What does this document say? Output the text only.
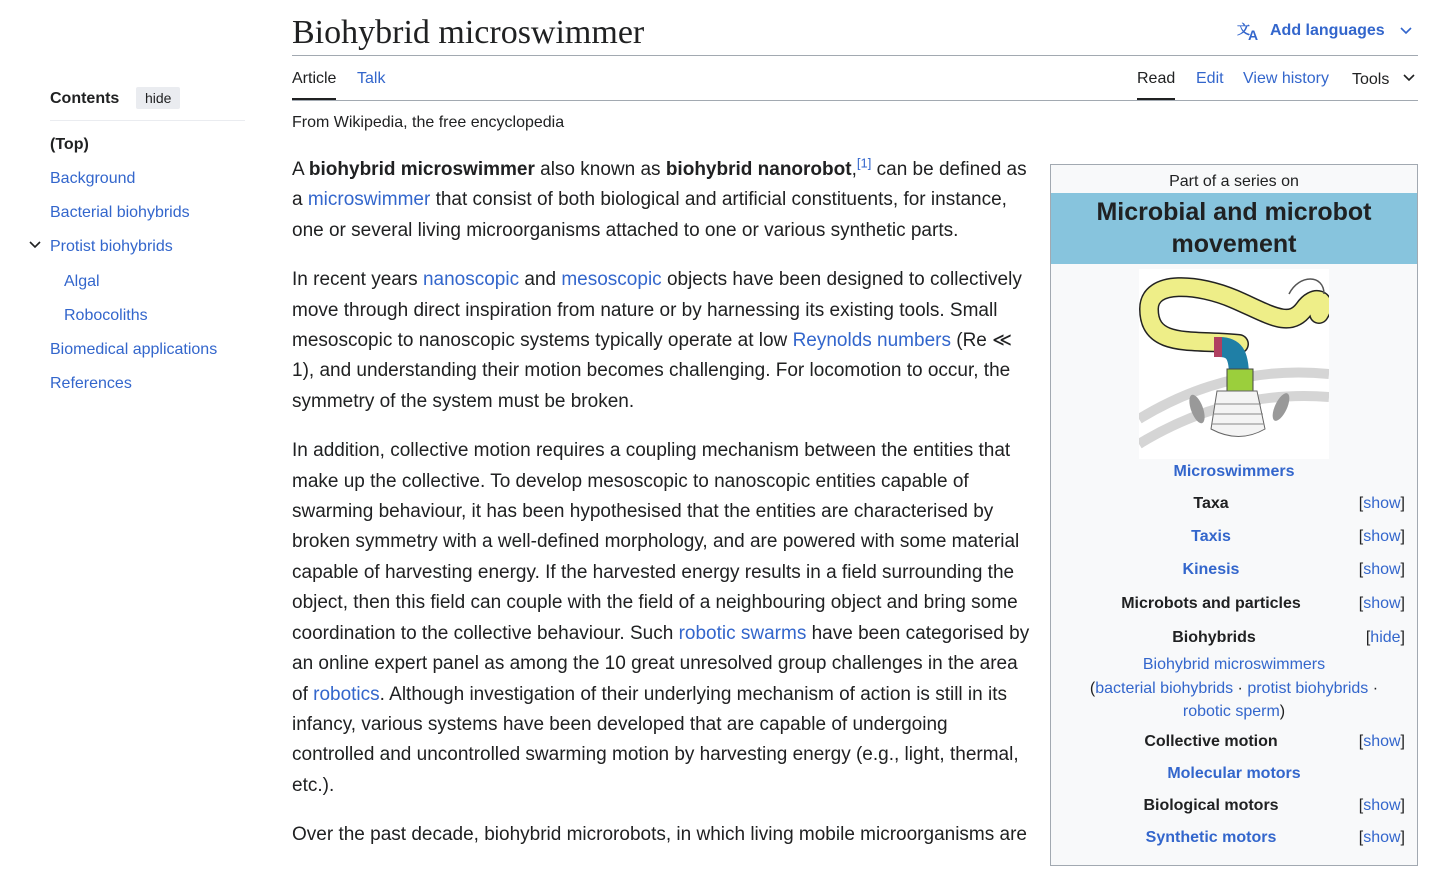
Contents	hide
(Top)
Background
Bacterial biohybrids
Protist biohybrids
Algal
Robocoliths
Biomedical applications
References
Biohybrid microswimmer	文
A Add languages
Article Talk	Read Edit View history Tools
From Wikipedia, the free encyclopedia

A biohybrid microswimmer also known as biohybrid nanorobot,[1] can be defined as a microswimmer that consist of both biological and artificial constituents, for instance, one or several living microorganisms attached to one or various synthetic parts.

In recent years nanoscopic and mesoscopic objects have been designed to collectively move through direct inspiration from nature or by harnessing its existing tools. Small mesoscopic to nanoscopic systems typically operate at low Reynolds numbers (Re ≪ 1), and understanding their motion becomes challenging. For locomotion to occur, the symmetry of the system must be broken.

In addition, collective motion requires a coupling mechanism between the entities that make up the collective. To develop mesoscopic to nanoscopic entities capable of swarming behaviour, it has been hypothesised that the entities are characterised by broken symmetry with a well-defined morphology, and are powered with some material capable of harvesting energy. If the harvested energy results in a field surrounding the object, then this field can couple with the field of a neighbouring object and bring some coordination to the collective behaviour. Such robotic swarms have been categorised by an online expert panel as among the 10 great unresolved group challenges in the area of robotics. Although investigation of their underlying mechanism of action is still in its infancy, various systems have been developed that are capable of undergoing controlled and uncontrolled swarming motion by harvesting energy (e.g., light, thermal, etc.).

Over the past decade, biohybrid microrobots, in which living mobile microorganisms are

Part of a series on
Microbial and microbot movement
Microswimmers
Taxa	[show]
Taxis	[show]
Kinesis	[show]
Microbots and particles	[show]
Biohybrids	[hide]
Biohybrid microswimmers
(bacterial biohybrids · protist biohybrids ·
robotic sperm)
Collective motion	[show]
Molecular motors
Biological motors	[show]
Synthetic motors	[show]
